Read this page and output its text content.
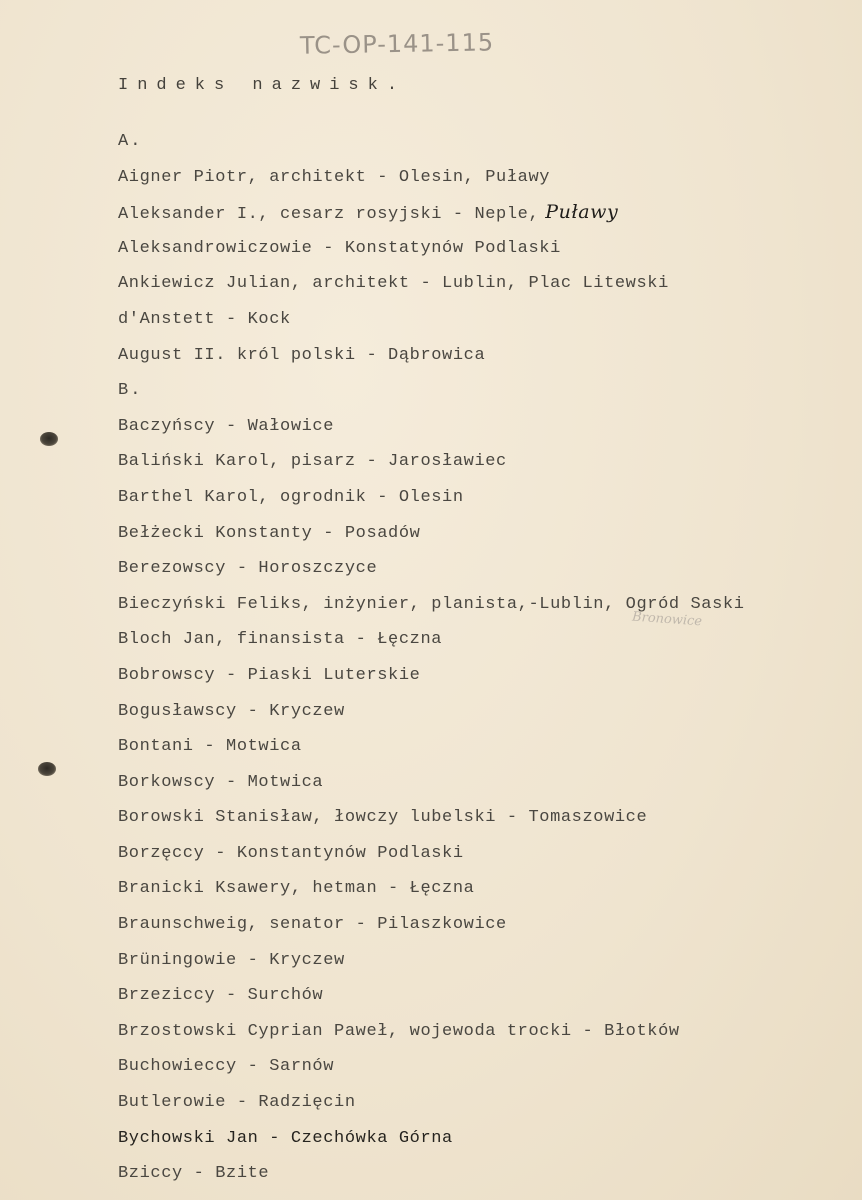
TC-OP-141-115
Indeks nazwisk.
A.
Aigner Piotr, architekt - Olesin, Puławy
Aleksander I., cesarz rosyjski - Neple, Puławy
Aleksandrowiczowie - Konstatynów Podlaski
Ankiewicz Julian, architekt - Lublin, Plac Litewski
d'Anstett - Kock
August II. król polski - Dąbrowica
B.
Baczyńscy - Wałowice
Baliński Karol, pisarz - Jarosławiec
Barthel Karol, ogrodnik - Olesin
Bełżecki Konstanty - Posadów
Berezowscy - Horoszczyce
Bieczyński Feliks, inżynier, planista,-Lublin, Ogród Saski
Bloch Jan, finansista - Łęczna
Bobrowscy - Piaski Luterskie
Bogusławscy - Kryczew
Bontani - Motwica
Borkowscy - Motwica
Borowski Stanisław, łowczy lubelski - Tomaszowice
Borzęccy - Konstantynów Podlaski
Branicki Ksawery, hetman - Łęczna
Braunschweig, senator - Pilaszkowice
Brüningowie - Kryczew
Brzeziccy - Surchów
Brzostowski Cyprian Paweł, wojewoda trocki - Błotków
Buchowieccy - Sarnów
Butlerowie - Radzięcin
Bychowski Jan - Czechówka Górna
Bziccy - Bzite
Bronowice
